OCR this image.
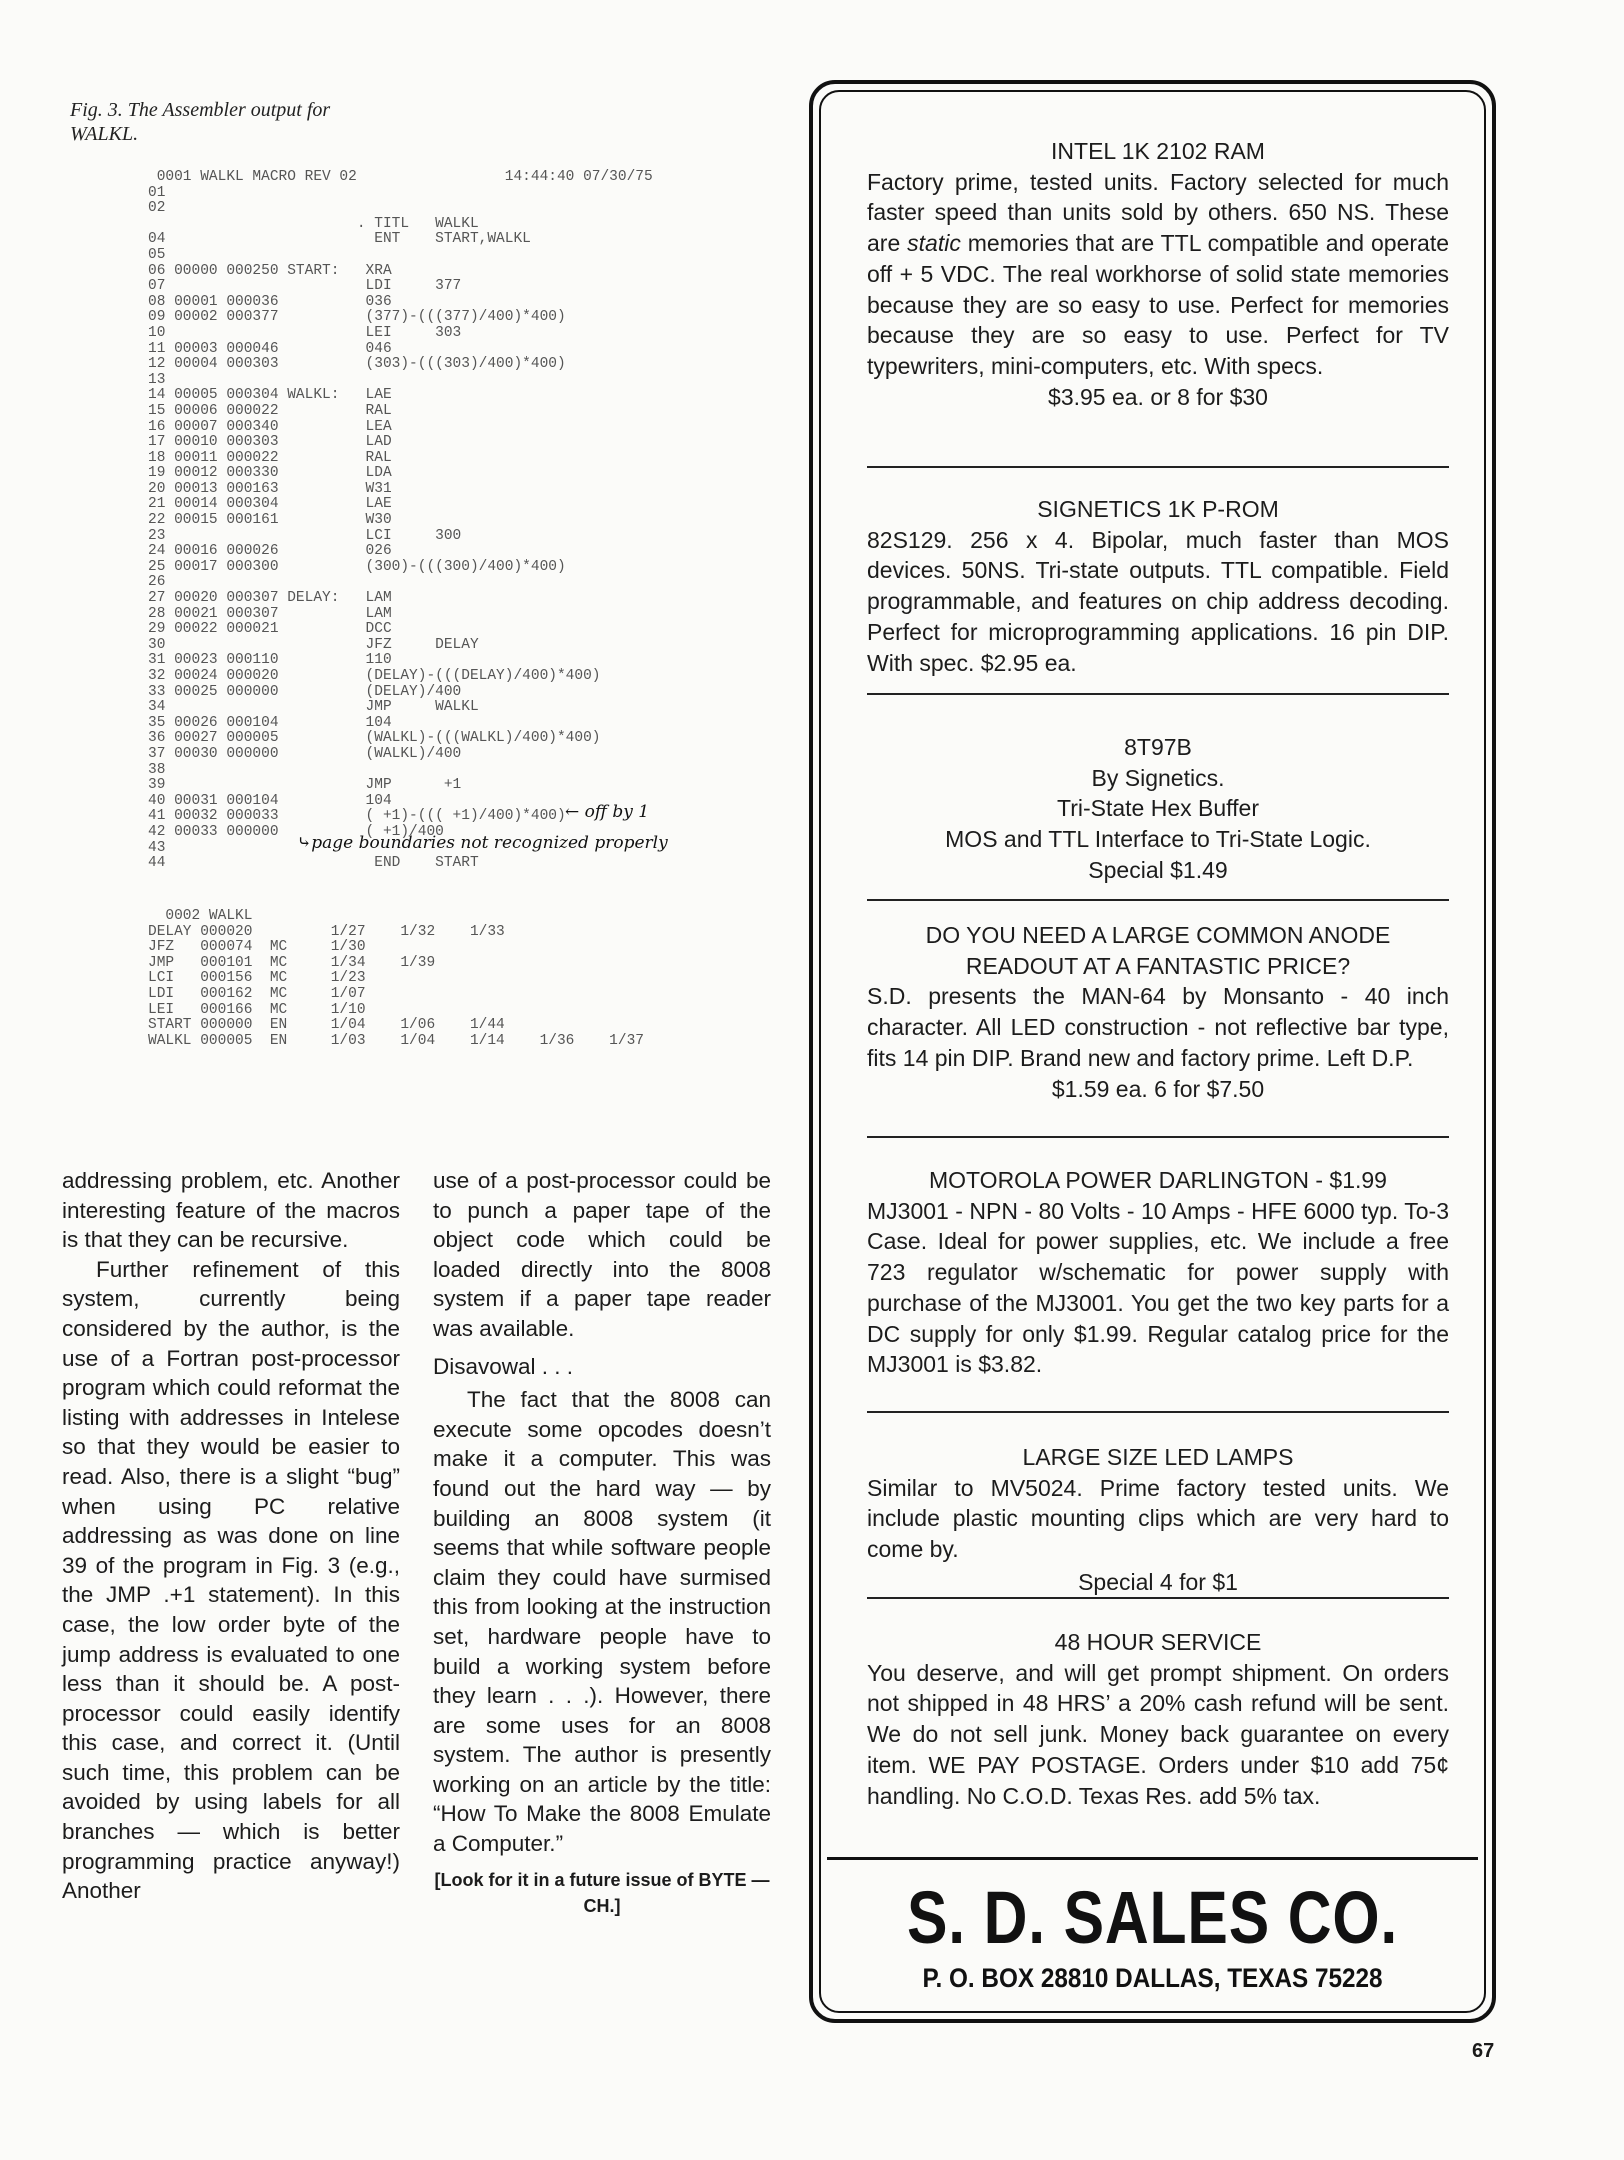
Fig. 3. The Assembler output for
WALKL.
0001 WALKL MACRO REV 02                 14:44:40 07/30/75
01
02
. TITL   WALKL
04                        ENT    START,WALKL
05
06 00000 000250 START:   XRA
07                       LDI     377
08 00001 000036          036
09 00002 000377          (377)-(((377)/400)*400)
10                       LEI     303
11 00003 000046          046
12 00004 000303          (303)-(((303)/400)*400)
13
14 00005 000304 WALKL:   LAE
15 00006 000022          RAL
16 00007 000340          LEA
17 00010 000303          LAD
18 00011 000022          RAL
19 00012 000330          LDA
20 00013 000163          W31
21 00014 000304          LAE
22 00015 000161          W30
23                       LCI     300
24 00016 000026          026
25 00017 000300          (300)-(((300)/400)*400)
26
27 00020 000307 DELAY:   LAM
28 00021 000307          LAM
29 00022 000021          DCC
30                       JFZ     DELAY
31 00023 000110          110
32 00024 000020          (DELAY)-(((DELAY)/400)*400)
33 00025 000000          (DELAY)/400
34                       JMP     WALKL
35 00026 000104          104
36 00027 000005          (WALKL)-(((WALKL)/400)*400)
37 00030 000000          (WALKL)/400
38
39                       JMP      +1
40 00031 000104          104
41 00032 000033          ( +1)-((( +1)/400)*400)
42 00033 000000          ( +1)/400
43
44                        END    START
← off by 1
⤷page boundaries not recognized properly
0002 WALKL
DELAY 000020         1/27    1/32    1/33
JFZ   000074  MC     1/30
JMP   000101  MC     1/34    1/39
LCI   000156  MC     1/23
LDI   000162  MC     1/07
LEI   000166  MC     1/10
START 000000  EN     1/04    1/06    1/44
WALKL 000005  EN     1/03    1/04    1/14    1/36    1/37

addressing problem, etc. Another interesting feature of the macros is that they can be recursive.

Further refinement of this system, currently being considered by the author, is the use of a Fortran post-processor program which could reformat the listing with addresses in Intelese so that they would be easier to read. Also, there is a slight “bug” when using PC relative addressing as was done on line 39 of the program in Fig. 3 (e.g., the JMP .+1 statement). In this case, the low order byte of the jump address is evaluated to one less than it should be. A post-processor could easily identify this case, and correct it. (Until such time, this problem can be avoided by using labels for all branches — which is better programming practice anyway!) Another

use of a post-processor could be to punch a paper tape of the object code which could be loaded directly into the 8008 system if a paper tape reader was available.

Disavowal . . .

The fact that the 8008 can execute some opcodes doesn’t make it a computer. This was found out the hard way — by building an 8008 system (it seems that while software people claim they could have surmised this from looking at the instruction set, hardware people have to build a working system before they learn . . .). However, there are some uses for an 8008 system. The author is presently working on an article by the title: “How To Make the 8008 Emulate a Computer.”

[Look for it in a future issue of BYTE — CH.]

INTEL 1K 2102 RAM
Factory prime, tested units. Factory selected for much faster speed than units sold by others. 650 NS. These are static memories that are TTL compatible and operate off + 5 VDC. The real workhorse of solid state memories because they are so easy to use. Perfect for memories because they are so easy to use. Perfect for TV typewriters, mini-computers, etc. With specs.
$3.95 ea. or 8 for $30
SIGNETICS 1K P-ROM
82S129. 256 x 4. Bipolar, much faster than MOS devices. 50NS. Tri-state outputs. TTL compatible. Field programmable, and features on chip address decoding. Perfect for microprogramming applications. 16 pin DIP. With spec. $2.95 ea.
8T97B
By Signetics.
Tri-State Hex Buffer
MOS and TTL Interface to Tri-State Logic.
Special $1.49
DO YOU NEED A LARGE COMMON ANODE READOUT AT A FANTASTIC PRICE?
S.D. presents the MAN-64 by Monsanto - 40 inch character. All LED construction - not reflective bar type, fits 14 pin DIP. Brand new and factory prime. Left D.P.
$1.59 ea. 6 for $7.50
MOTOROLA POWER DARLINGTON - $1.99
MJ3001 - NPN - 80 Volts - 10 Amps - HFE 6000 typ. To-3 Case. Ideal for power supplies, etc. We include a free 723 regulator w/schematic for power supply with purchase of the MJ3001. You get the two key parts for a DC supply for only $1.99. Regular catalog price for the MJ3001 is $3.82.
LARGE SIZE LED LAMPS
Similar to MV5024. Prime factory tested units. We include plastic mounting clips which are very hard to come by.
Special 4 for $1
48 HOUR SERVICE
You deserve, and will get prompt shipment. On orders not shipped in 48 HRS’ a 20% cash refund will be sent. We do not sell junk. Money back guarantee on every item. WE PAY POSTAGE. Orders under $10 add 75¢ handling. No C.O.D. Texas Res. add 5% tax.
S. D. SALES CO.
P. O. BOX 28810 DALLAS, TEXAS 75228
67
